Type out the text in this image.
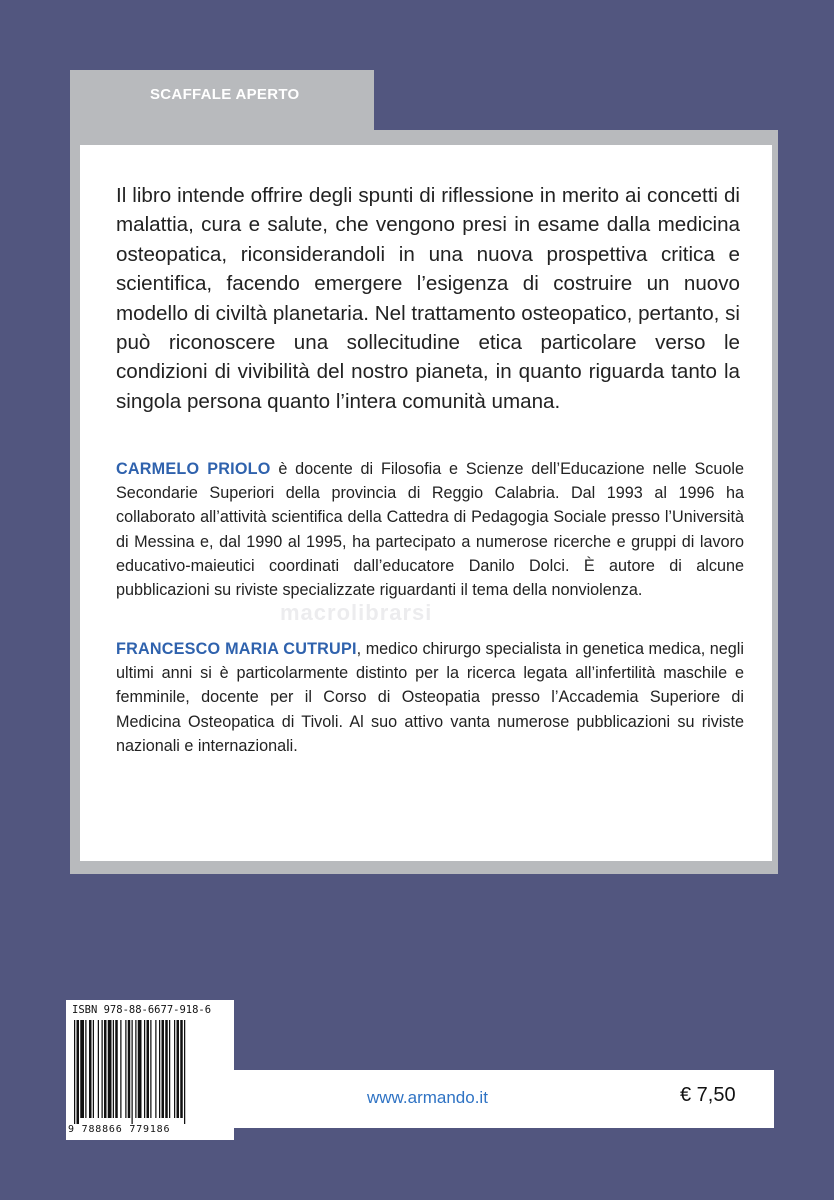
SCAFFALE APERTO

Il libro intende offrire degli spunti di riflessione in merito ai concetti di malattia, cura e salute, che vengono presi in esame dalla medicina osteopatica, riconsiderandoli in una nuova prospettiva critica e scientifica, facendo emergere l’esigenza di costruire un nuovo modello di civiltà planetaria. Nel trattamento osteopatico, pertanto, si può riconoscere una sollecitudine etica particolare verso le condizioni di vivibilità del nostro pianeta, in quanto riguarda tanto la singola persona quanto l’intera comunità umana.

CARMELO PRIOLO è docente di Filosofia e Scienze dell’Educazione nelle Scuole Secondarie Superiori della provincia di Reggio Calabria. Dal 1993 al 1996 ha collaborato all’attività scientifica della Cattedra di Pedagogia Sociale presso l’Università di Messina e, dal 1990 al 1995, ha partecipato a numerose ricerche e gruppi di lavoro educativo-maieutici coordinati dall’educatore Danilo Dolci. È autore di alcune pubblicazioni su riviste specializzate riguardanti il tema della nonviolenza.

FRANCESCO MARIA CUTRUPI, medico chirurgo specialista in genetica medica, negli ultimi anni si è particolarmente distinto per la ricerca legata all’infertilità maschile e femminile, docente per il Corso di Osteopatia presso l’Accademia Superiore di Medicina Osteopatica di Tivoli. Al suo attivo vanta numerose pubblicazioni su riviste nazionali e internazionali.

macrolibrarsi
ISBN 978-88-6677-918-6
9 788866 779186
www.armando.it	€ 7,50
